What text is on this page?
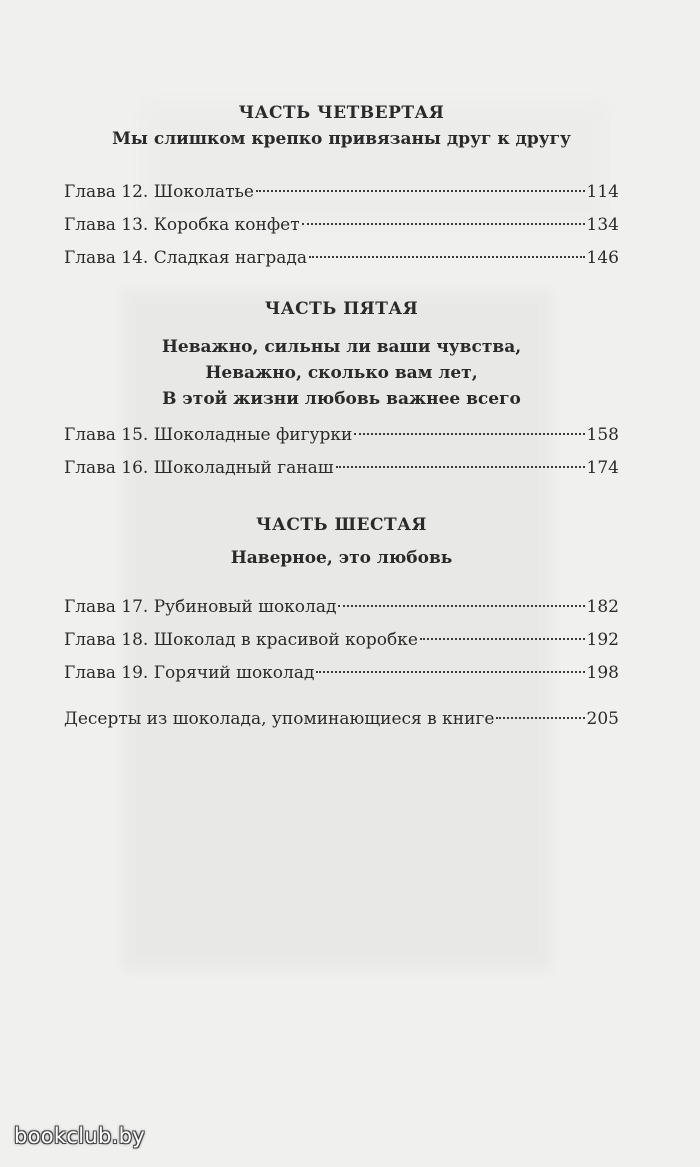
ЧАСТЬ ЧЕТВЕРТАЯ

Мы слишком крепко привязаны друг к другу

Глава 12. Шоколатье	114
Глава 13. Коробка конфет	134
Глава 14. Сладкая награда	146

ЧАСТЬ ПЯТАЯ

Неважно, сильны ли ваши чувства,

Неважно, сколько вам лет,

В этой жизни любовь важнее всего

Глава 15. Шоколадные фигурки	158
Глава 16. Шоколадный ганаш	174

ЧАСТЬ ШЕСТАЯ

Наверное, это любовь

Глава 17. Рубиновый шоколад	182
Глава 18. Шоколад в красивой коробке	192
Глава 19. Горячий шоколад	198
Десерты из шоколада, упоминающиеся в книге	205
bookclub.by
